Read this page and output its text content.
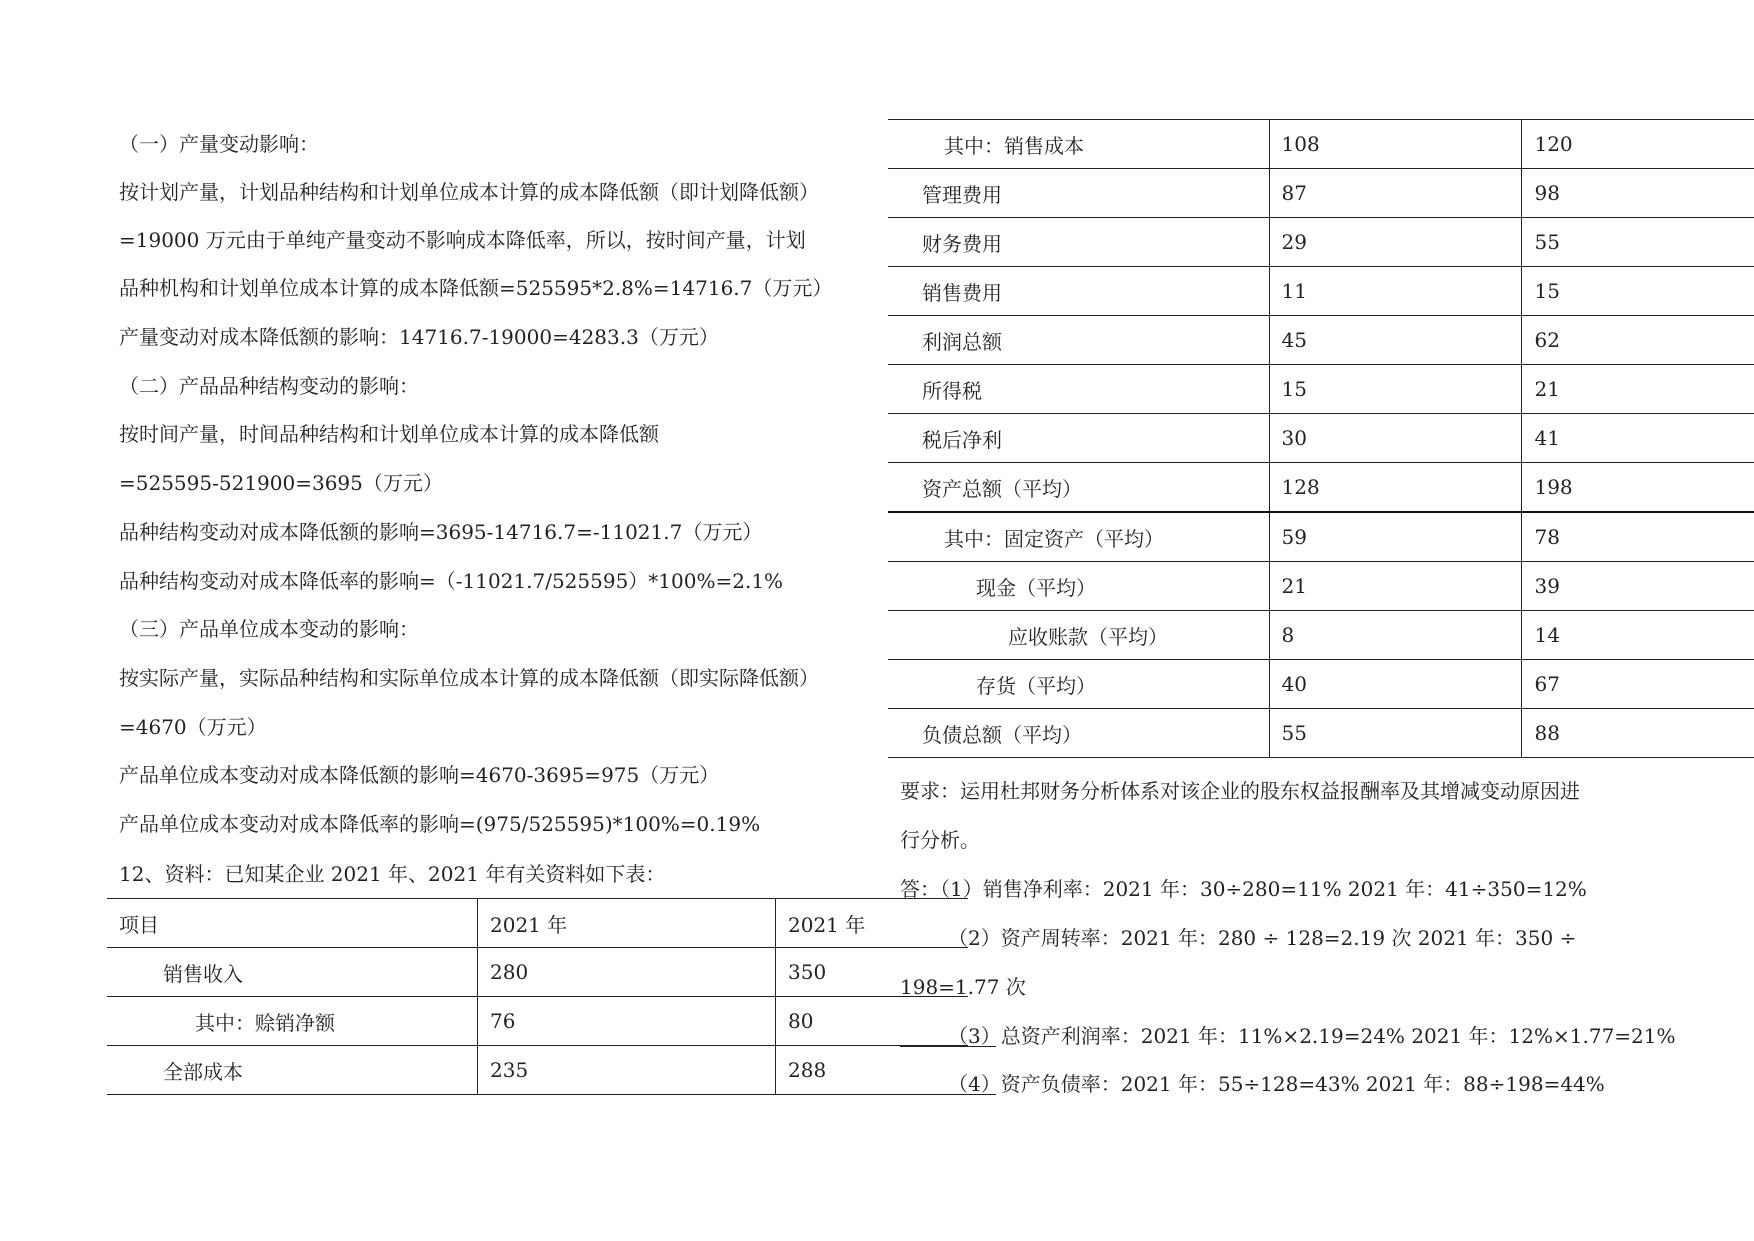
（一）产量变动影响：
按计划产量，计划品种结构和计划单位成本计算的成本降低额（即计划降低额）
=19000 万元由于单纯产量变动不影响成本降低率，所以，按时间产量，计划
品种机构和计划单位成本计算的成本降低额=525595*2.8%=14716.7（万元）
产量变动对成本降低额的影响：14716.7-19000=4283.3（万元）
（二）产品品种结构变动的影响：
按时间产量，时间品种结构和计划单位成本计算的成本降低额
=525595-521900=3695（万元）
品种结构变动对成本降低额的影响=3695-14716.7=-11021.7（万元）
品种结构变动对成本降低率的影响=（-11021.7/525595）*100%=2.1%
（三）产品单位成本变动的影响：
按实际产量，实际品种结构和实际单位成本计算的成本降低额（即实际降低额）
=4670（万元）
产品单位成本变动对成本降低额的影响=4670-3695=975（万元）
产品单位成本变动对成本降低率的影响=(975/525595)*100%=0.19%
12、资料：已知某企业 2021 年、2021 年有关资料如下表：
项目	2021 年	2021 年
销售收入	280	350
其中：赊销净额	76	80
全部成本	235	288
其中：销售成本	108	120
管理费用	87	98
财务费用	29	55
销售费用	11	15
利润总额	45	62
所得税	15	21
税后净利	30	41
资产总额（平均）	128	198
其中：固定资产（平均）	59	78
现金（平均）	21	39
应收账款（平均）	8	14
存货（平均）	40	67
负债总额（平均）	55	88
要求：运用杜邦财务分析体系对该企业的股东权益报酬率及其增减变动原因进
行分析。
答：（1）销售净利率：2021 年：30÷280=11% 2021 年：41÷350=12%
（2）资产周转率：2021 年：280 ÷ 128=2.19 次 2021 年：350 ÷
198=1.77 次
（3）总资产利润率：2021 年：11%×2.19=24% 2021 年：12%×1.77=21%
（4）资产负债率：2021 年：55÷128=43% 2021 年：88÷198=44%
